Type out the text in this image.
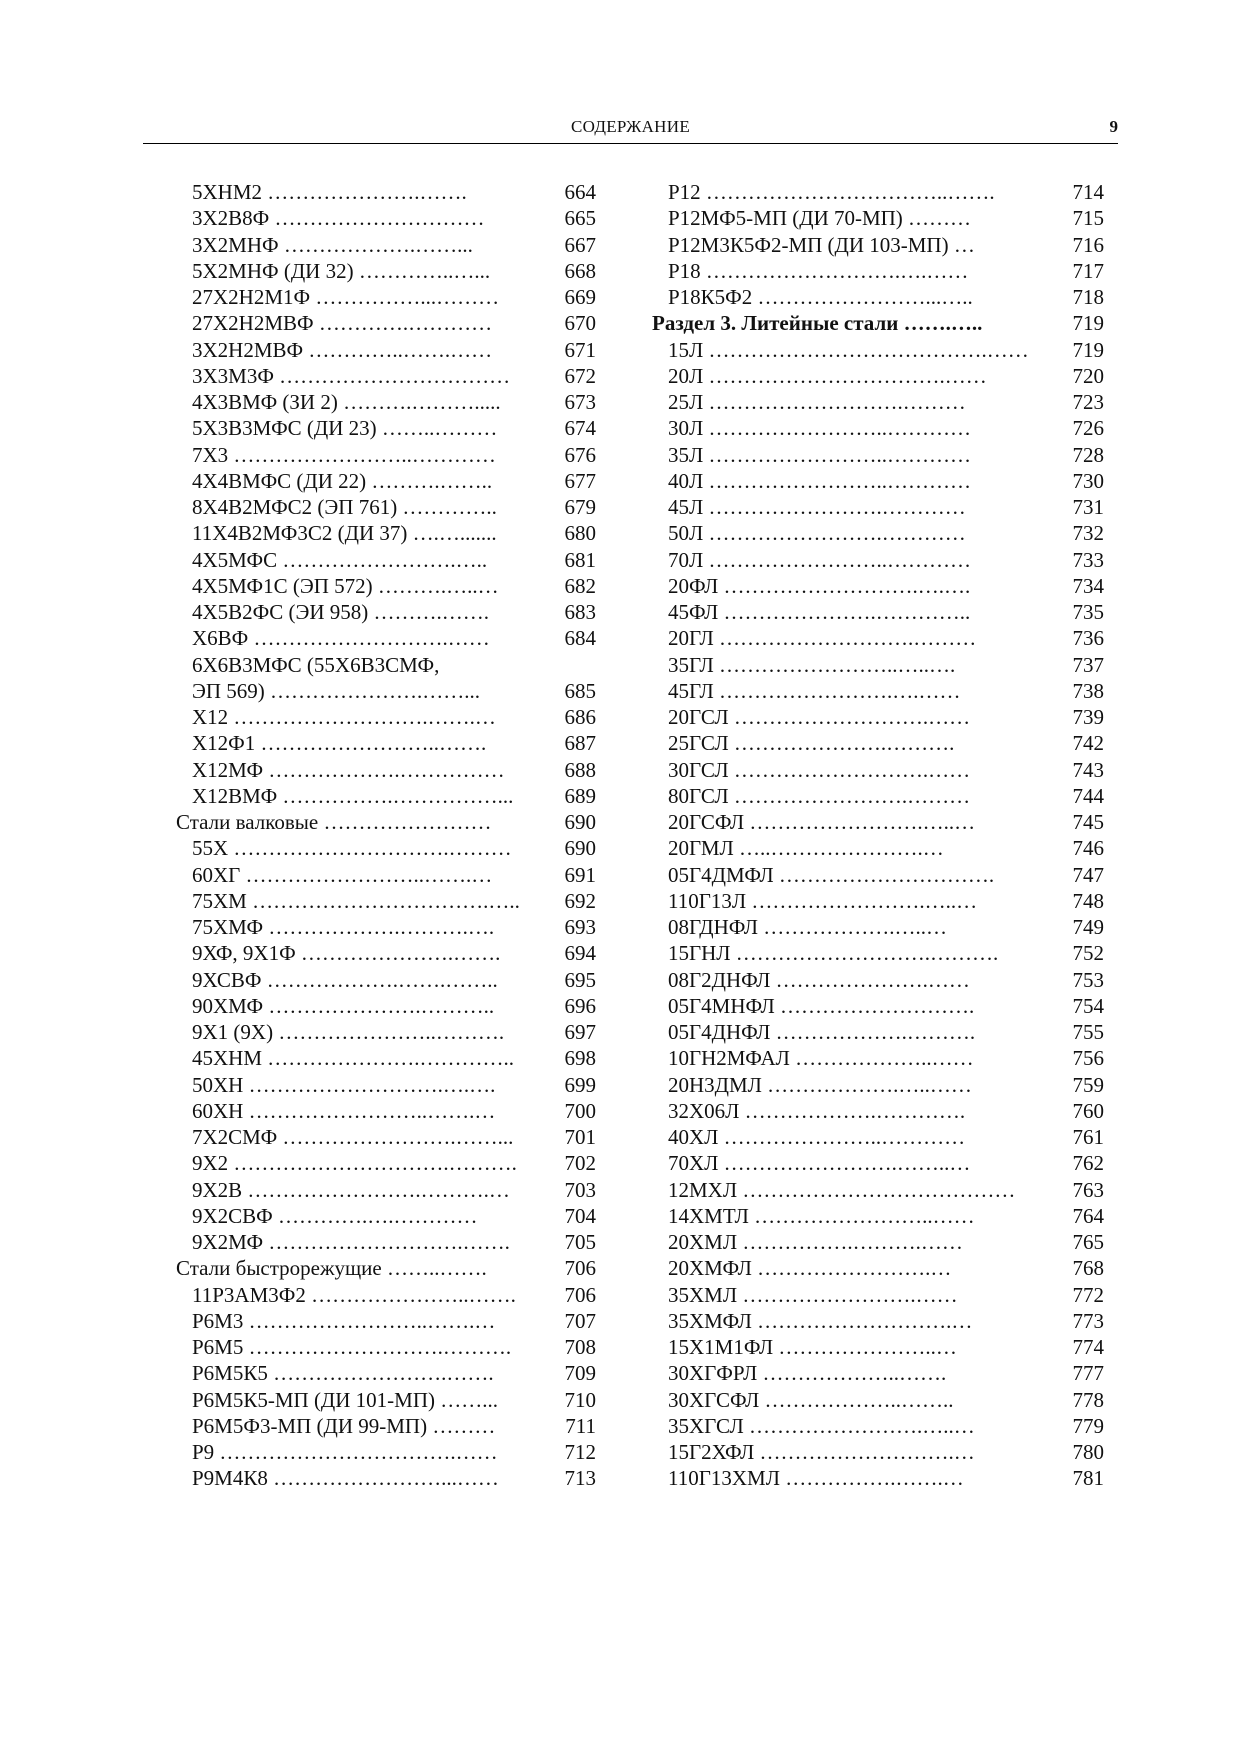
СОДЕРЖАНИЕ	9
5ХНМ2 ………………….…….	664
3Х2В8Ф …………………………	665
3Х2МНФ ……………….……...	667
5Х2МНФ (ДИ 32) …………..…...	668
27Х2Н2М1Ф ……………...………	669
27Х2Н2МВФ ………….…………	670
3Х2Н2МВФ …………..…….……	671
3Х3М3Ф ……………………………	672
4Х3ВМФ (ЗИ 2) ……….……….....	673
5Х3В3МФС (ДИ 23) ……..………	674
7Х3 ……………………..…………	676
4Х4ВМФС (ДИ 22) ……….……..	677
8Х4В2МФС2 (ЭП 761) …………..	679
11Х4В2МФ3С2 (ДИ 37) ….….......	680
4Х5МФС …………………….…..	681
4Х5МФ1С (ЭП 572) ……….…..…	682
4Х5В2ФС (ЭИ 958) ……….…….	683
Х6ВФ ……………………….……	684
6Х6В3МФС (55Х6В3СМФ,
ЭП 569) ………………….……...	685
Х12 ……………………….…….…	686
Х12Ф1 ……………………..…….	687
Х12МФ ……………….……………	688
Х12ВМФ …………….……………... 689
Стали валковые ……………………	690
55Х ………………………….………	690
60ХГ ……………………..…….…	691
75ХМ …………………………….….. 692
75ХМФ ……………….……….….	693
9ХФ, 9Х1Ф ………………….…….	694
9ХСВФ ……………….…….……..	695
90ХМФ ………………….………..	696
9Х1 (9Х) …………………..……….	697
45ХНМ ………………….………….. 698
50ХН ……………………….….….	699
60ХН ……………………..…….…	700
7Х2СМФ …………………….……... 701
9Х2 ………………………….………. 702
9Х2В …………………….……….…	703
9Х2СВФ ………….….…………	704
9Х2МФ ……………………….…….	705
Стали быстрорежущие ……..…….	706
11Р3АМ3Ф2 …………………..……. 706
Р6М3 ……………………..…….…	707
Р6М5 ……………………….……….	708
Р6М5К5 …………………….…….	709
Р6М5К5-МП (ДИ 101-МП) ……...	710
Р6М5Ф3-МП (ДИ 99-МП) ………	711
Р9 …………………………….……	712
Р9М4К8 ……………………...……	713
Р12 ……………………………..…….	714
Р12МФ5-МП (ДИ 70-МП) ………	715
Р12М3К5Ф2-МП (ДИ 103-МП) …	716
Р18 ……………………….….……	717
Р18К5Ф2 ……………………...…..	718
Раздел 3. Литейные стали …….…..	719
15Л ………………………………….…… 719
20Л …………………………….……	720
25Л ……………………….………	723
30Л ……………………..…………	726
35Л ……………………..…………	728
40Л ……………………..…………	730
45Л …………………….…………	731
50Л …………………….…………	732
70Л ……………………..…………	733
20ФЛ ……………………….….….	734
45ФЛ ………………….…………..	735
20ГЛ ……………………….………	736
35ГЛ ……………………..…..….	737
45ГЛ …………………….….……	738
20ГСЛ ……………………….……	739
25ГСЛ ………………….……….	742
30ГСЛ ……………………….……	743
80ГСЛ …………………….………	744
20ГСФЛ …………………….…..…	745
20ГМЛ …..………………….…	746
05Г4ДМФЛ ………………………….	747
110Г13Л …………………….…..…	748
08ГДНФЛ ……………….…..…	749
15ГНЛ ……………………….……….	752
08Г2ДНФЛ ………………….……	753
05Г4МНФЛ ……………………….	754
05Г4ДНФЛ ……………….……….	755
10ГН2МФАЛ ………………..……	756
20Н3ДМЛ ……………….…..……	759
32Х06Л ……………….………….	760
40ХЛ …………………..…………	761
70ХЛ …………………….……..…	762
12МХЛ …………………………………	763
14ХМТЛ ……………………..……	764
20ХМЛ …………….……….……	765
20ХМФЛ …………………….…	768
35ХМЛ …………………….……	772
35ХМФЛ ……………………….…	773
15Х1М1ФЛ …………………..…	774
30ХГФРЛ ………………..…….	777
30ХГСФЛ ………………..……..	778
35ХГСЛ …………………….…..…	779
15Г2ХФЛ ……………………….…	780
110Г13ХМЛ …………….…….…	781
